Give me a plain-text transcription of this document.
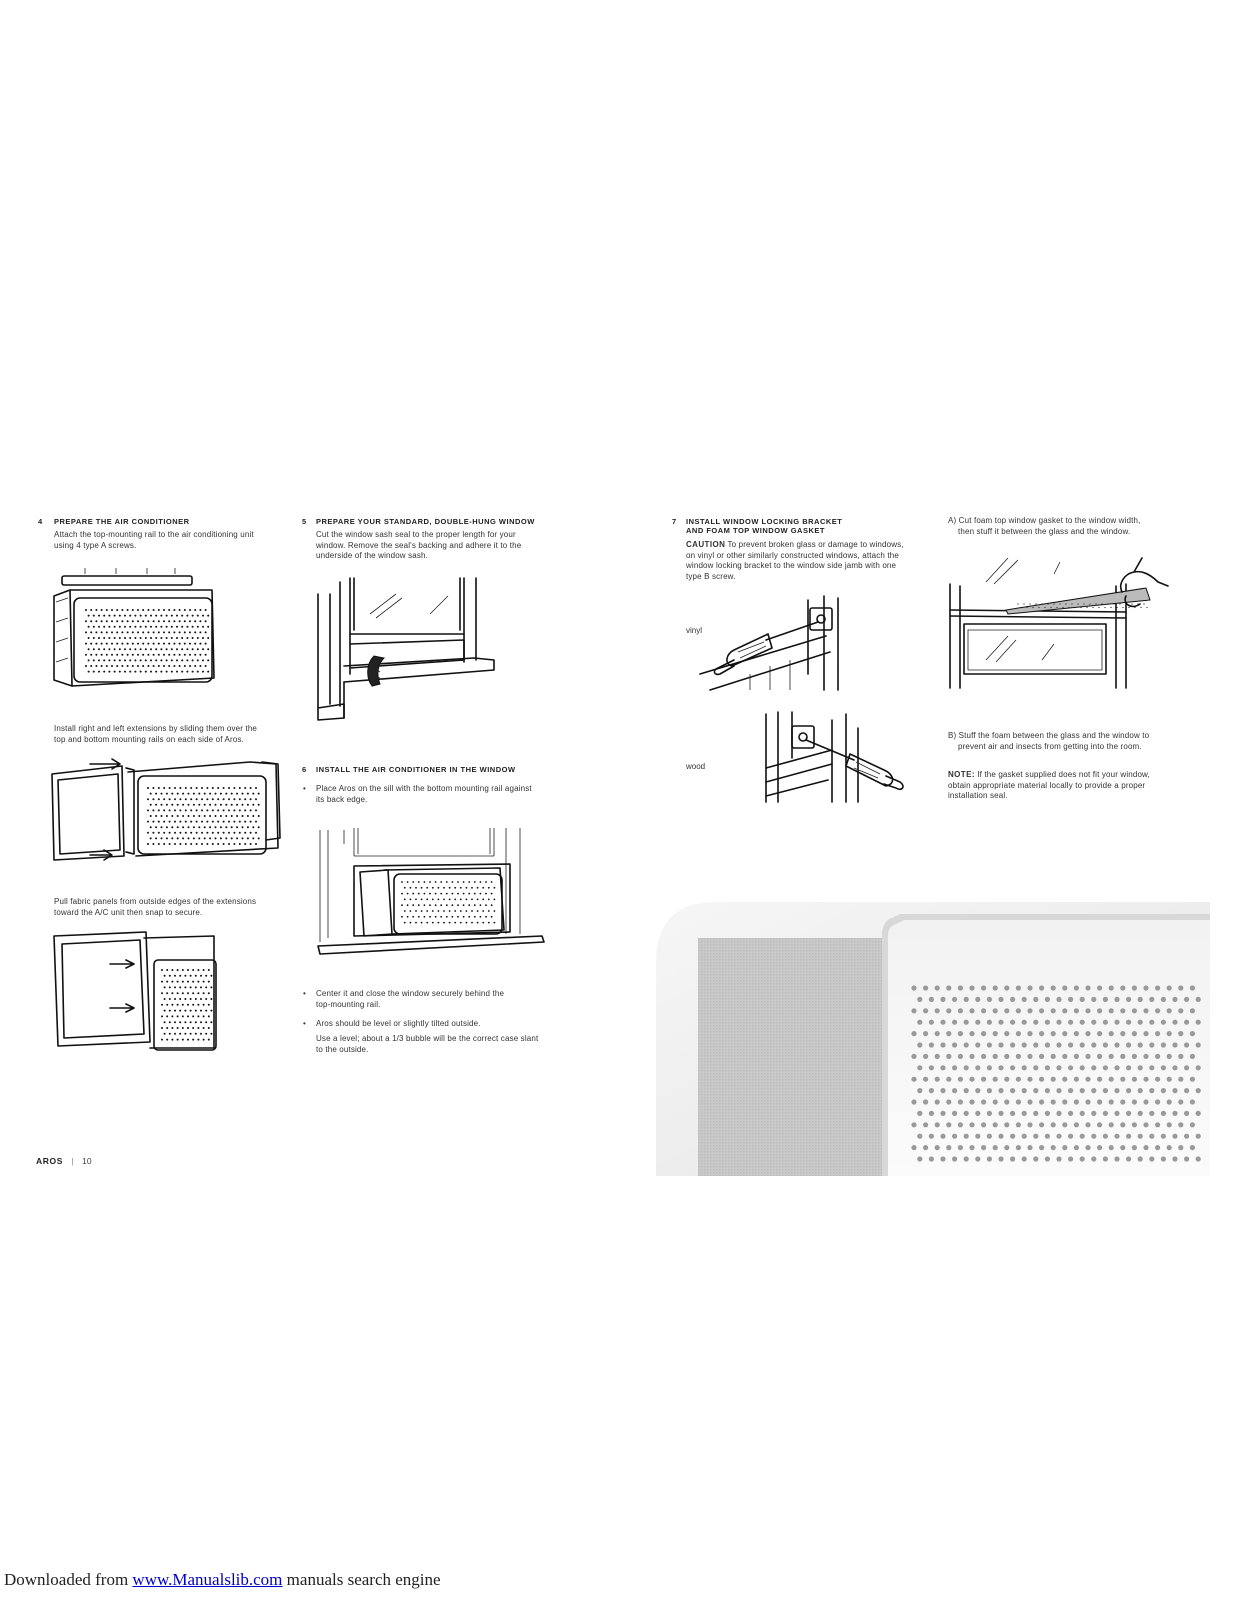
4 PREPARE THE AIR CONDITIONER
Attach the top-mounting rail to the air conditioning unit
using 4 type A screws.
Install right and left extensions by sliding them over the
top and bottom mounting rails on each side of Aros.
Pull fabric panels from outside edges of the extensions
toward the A/C unit then snap to secure.
5 PREPARE YOUR STANDARD, DOUBLE-HUNG WINDOW
Cut the window sash seal to the proper length for your
window. Remove the seal's backing and adhere it to the
underside of the window sash.
6 INSTALL THE AIR CONDITIONER IN THE WINDOW
• Place Aros on the sill with the bottom mounting rail against
its back edge.
• Center it and close the window securely behind the
top-mounting rail.
• Aros should be level or slightly tilted outside.
Use a level; about a 1/3 bubble will be the correct case slant
to the outside.
7 INSTALL WINDOW LOCKING BRACKET
AND FOAM TOP WINDOW GASKET
CAUTION To prevent broken glass or damage to windows,
on vinyl or other similarly constructed windows, attach the
window locking bracket to the window side jamb with one
type B screw.
vinyl
wood
A) Cut foam top window gasket to the window width,
then stuff it between the glass and the window.
B) Stuff the foam between the glass and the window to
prevent air and insects from getting into the room.
NOTE: If the gasket supplied does not fit your window,
obtain appropriate material locally to provide a proper
installation seal.
AROS | 10
Downloaded from www.Manualslib.com manuals search engine
